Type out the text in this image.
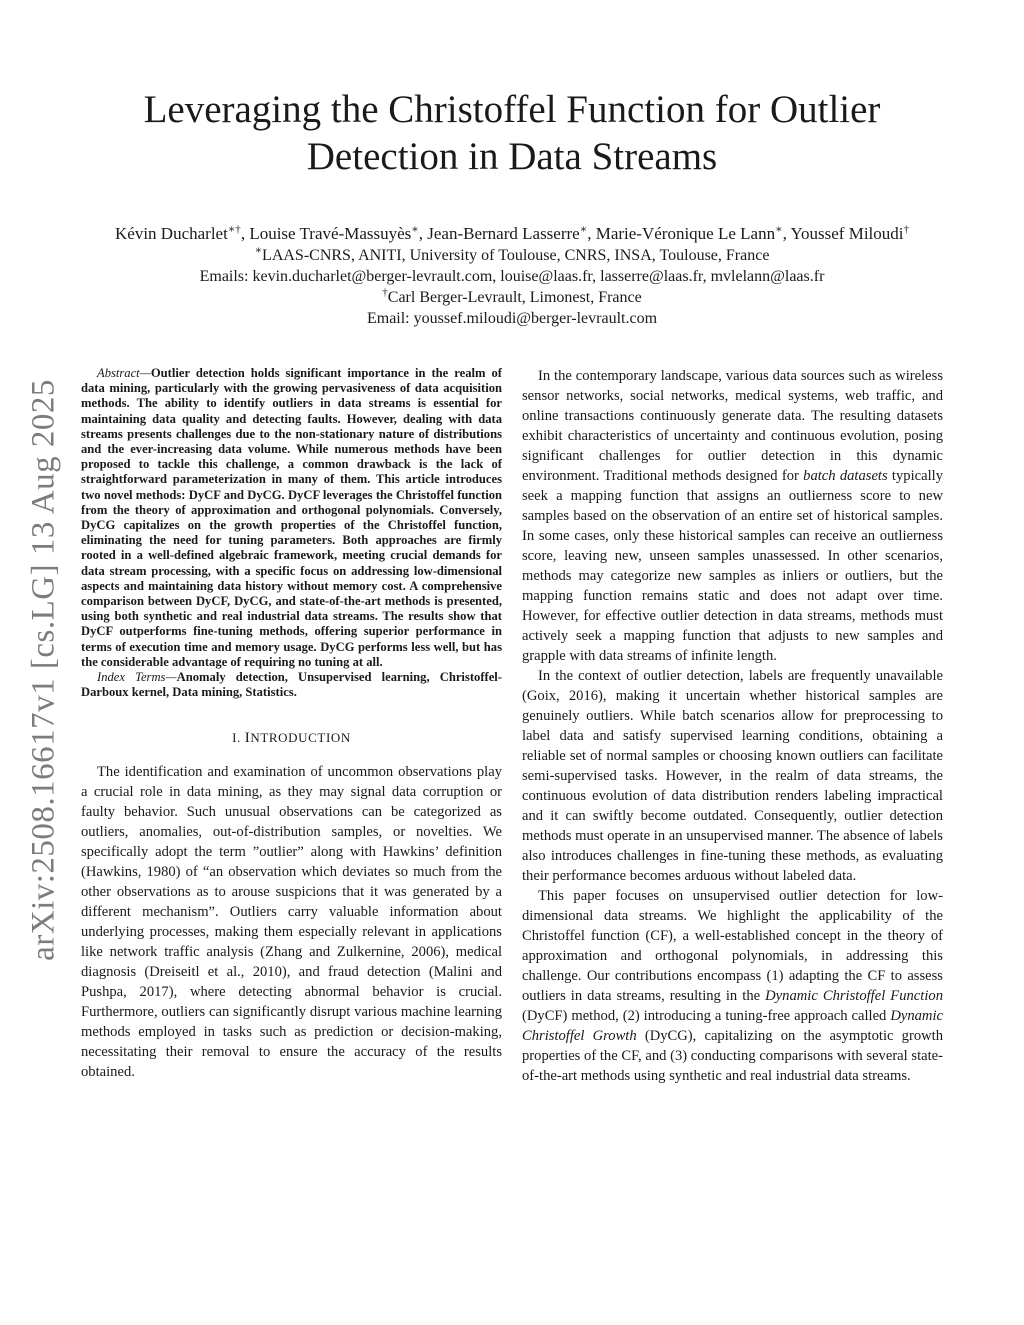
arXiv:2508.16617v1 [cs.LG] 13 Aug 2025
Leveraging the Christoffel Function for Outlier
Detection in Data Streams
Kévin Ducharlet∗†, Louise Travé-Massuyès∗, Jean-Bernard Lasserre∗, Marie-Véronique Le Lann∗, Youssef Miloudi†
∗LAAS-CNRS, ANITI, University of Toulouse, CNRS, INSA, Toulouse, France
Emails: kevin.ducharlet@berger-levrault.com, louise@laas.fr, lasserre@laas.fr, mvlelann@laas.fr
†Carl Berger-Levrault, Limonest, France
Email: youssef.miloudi@berger-levrault.com

Abstract—Outlier detection holds significant importance in the realm of data mining, particularly with the growing pervasiveness of data acquisition methods. The ability to identify outliers in data streams is essential for maintaining data quality and detecting faults. However, dealing with data streams presents challenges due to the non-stationary nature of distributions and the ever-increasing data volume. While numerous methods have been proposed to tackle this challenge, a common drawback is the lack of straightforward parameterization in many of them. This article introduces two novel methods: DyCF and DyCG. DyCF leverages the Christoffel function from the theory of approximation and orthogonal polynomials. Conversely, DyCG capitalizes on the growth properties of the Christoffel function, eliminating the need for tuning parameters. Both approaches are firmly rooted in a well-defined algebraic framework, meeting crucial demands for data stream processing, with a specific focus on addressing low-dimensional aspects and maintaining data history without memory cost. A comprehensive comparison between DyCF, DyCG, and state-of-the-art methods is presented, using both synthetic and real industrial data streams. The results show that DyCF outperforms fine-tuning methods, offering superior performance in terms of execution time and memory usage. DyCG performs less well, but has the considerable advantage of requiring no tuning at all.

Index Terms—Anomaly detection, Unsupervised learning, Christoffel-Darboux kernel, Data mining, Statistics.

I. INTRODUCTION

The identification and examination of uncommon observations play a crucial role in data mining, as they may signal data corruption or faulty behavior. Such unusual observations can be categorized as outliers, anomalies, out-of-distribution samples, or novelties. We specifically adopt the term ”outlier” along with Hawkins’ definition (Hawkins, 1980) of “an observation which deviates so much from the other observations as to arouse suspicions that it was generated by a different mechanism”. Outliers carry valuable information about underlying processes, making them especially relevant in applications like network traffic analysis (Zhang and Zulkernine, 2006), medical diagnosis (Dreiseitl et al., 2010), and fraud detection (Malini and Pushpa, 2017), where detecting abnormal behavior is crucial. Furthermore, outliers can significantly disrupt various machine learning methods employed in tasks such as prediction or decision-making, necessitating their removal to ensure the accuracy of the results obtained.

In the contemporary landscape, various data sources such as wireless sensor networks, social networks, medical systems, web traffic, and online transactions continuously generate data. The resulting datasets exhibit characteristics of uncertainty and continuous evolution, posing significant challenges for outlier detection in this dynamic environment. Traditional methods designed for batch datasets typically seek a mapping function that assigns an outlierness score to new samples based on the observation of an entire set of historical samples. In some cases, only these historical samples can receive an outlierness score, leaving new, unseen samples unassessed. In other scenarios, methods may categorize new samples as inliers or outliers, but the mapping function remains static and does not adapt over time. However, for effective outlier detection in data streams, methods must actively seek a mapping function that adjusts to new samples and grapple with data streams of infinite length.

In the context of outlier detection, labels are frequently unavailable (Goix, 2016), making it uncertain whether historical samples are genuinely outliers. While batch scenarios allow for preprocessing to label data and satisfy supervised learning conditions, obtaining a reliable set of normal samples or choosing known outliers can facilitate semi-supervised tasks. However, in the realm of data streams, the continuous evolution of data distribution renders labeling impractical and it can swiftly become outdated. Consequently, outlier detection methods must operate in an unsupervised manner. The absence of labels also introduces challenges in fine-tuning these methods, as evaluating their performance becomes arduous without labeled data.

This paper focuses on unsupervised outlier detection for low-dimensional data streams. We highlight the applicability of the Christoffel function (CF), a well-established concept in the theory of approximation and orthogonal polynomials, in addressing this challenge. Our contributions encompass (1) adapting the CF to assess outliers in data streams, resulting in the Dynamic Christoffel Function (DyCF) method, (2) introducing a tuning-free approach called Dynamic Christoffel Growth (DyCG), capitalizing on the asymptotic growth properties of the CF, and (3) conducting comparisons with several state-of-the-art methods using synthetic and real industrial data streams.
